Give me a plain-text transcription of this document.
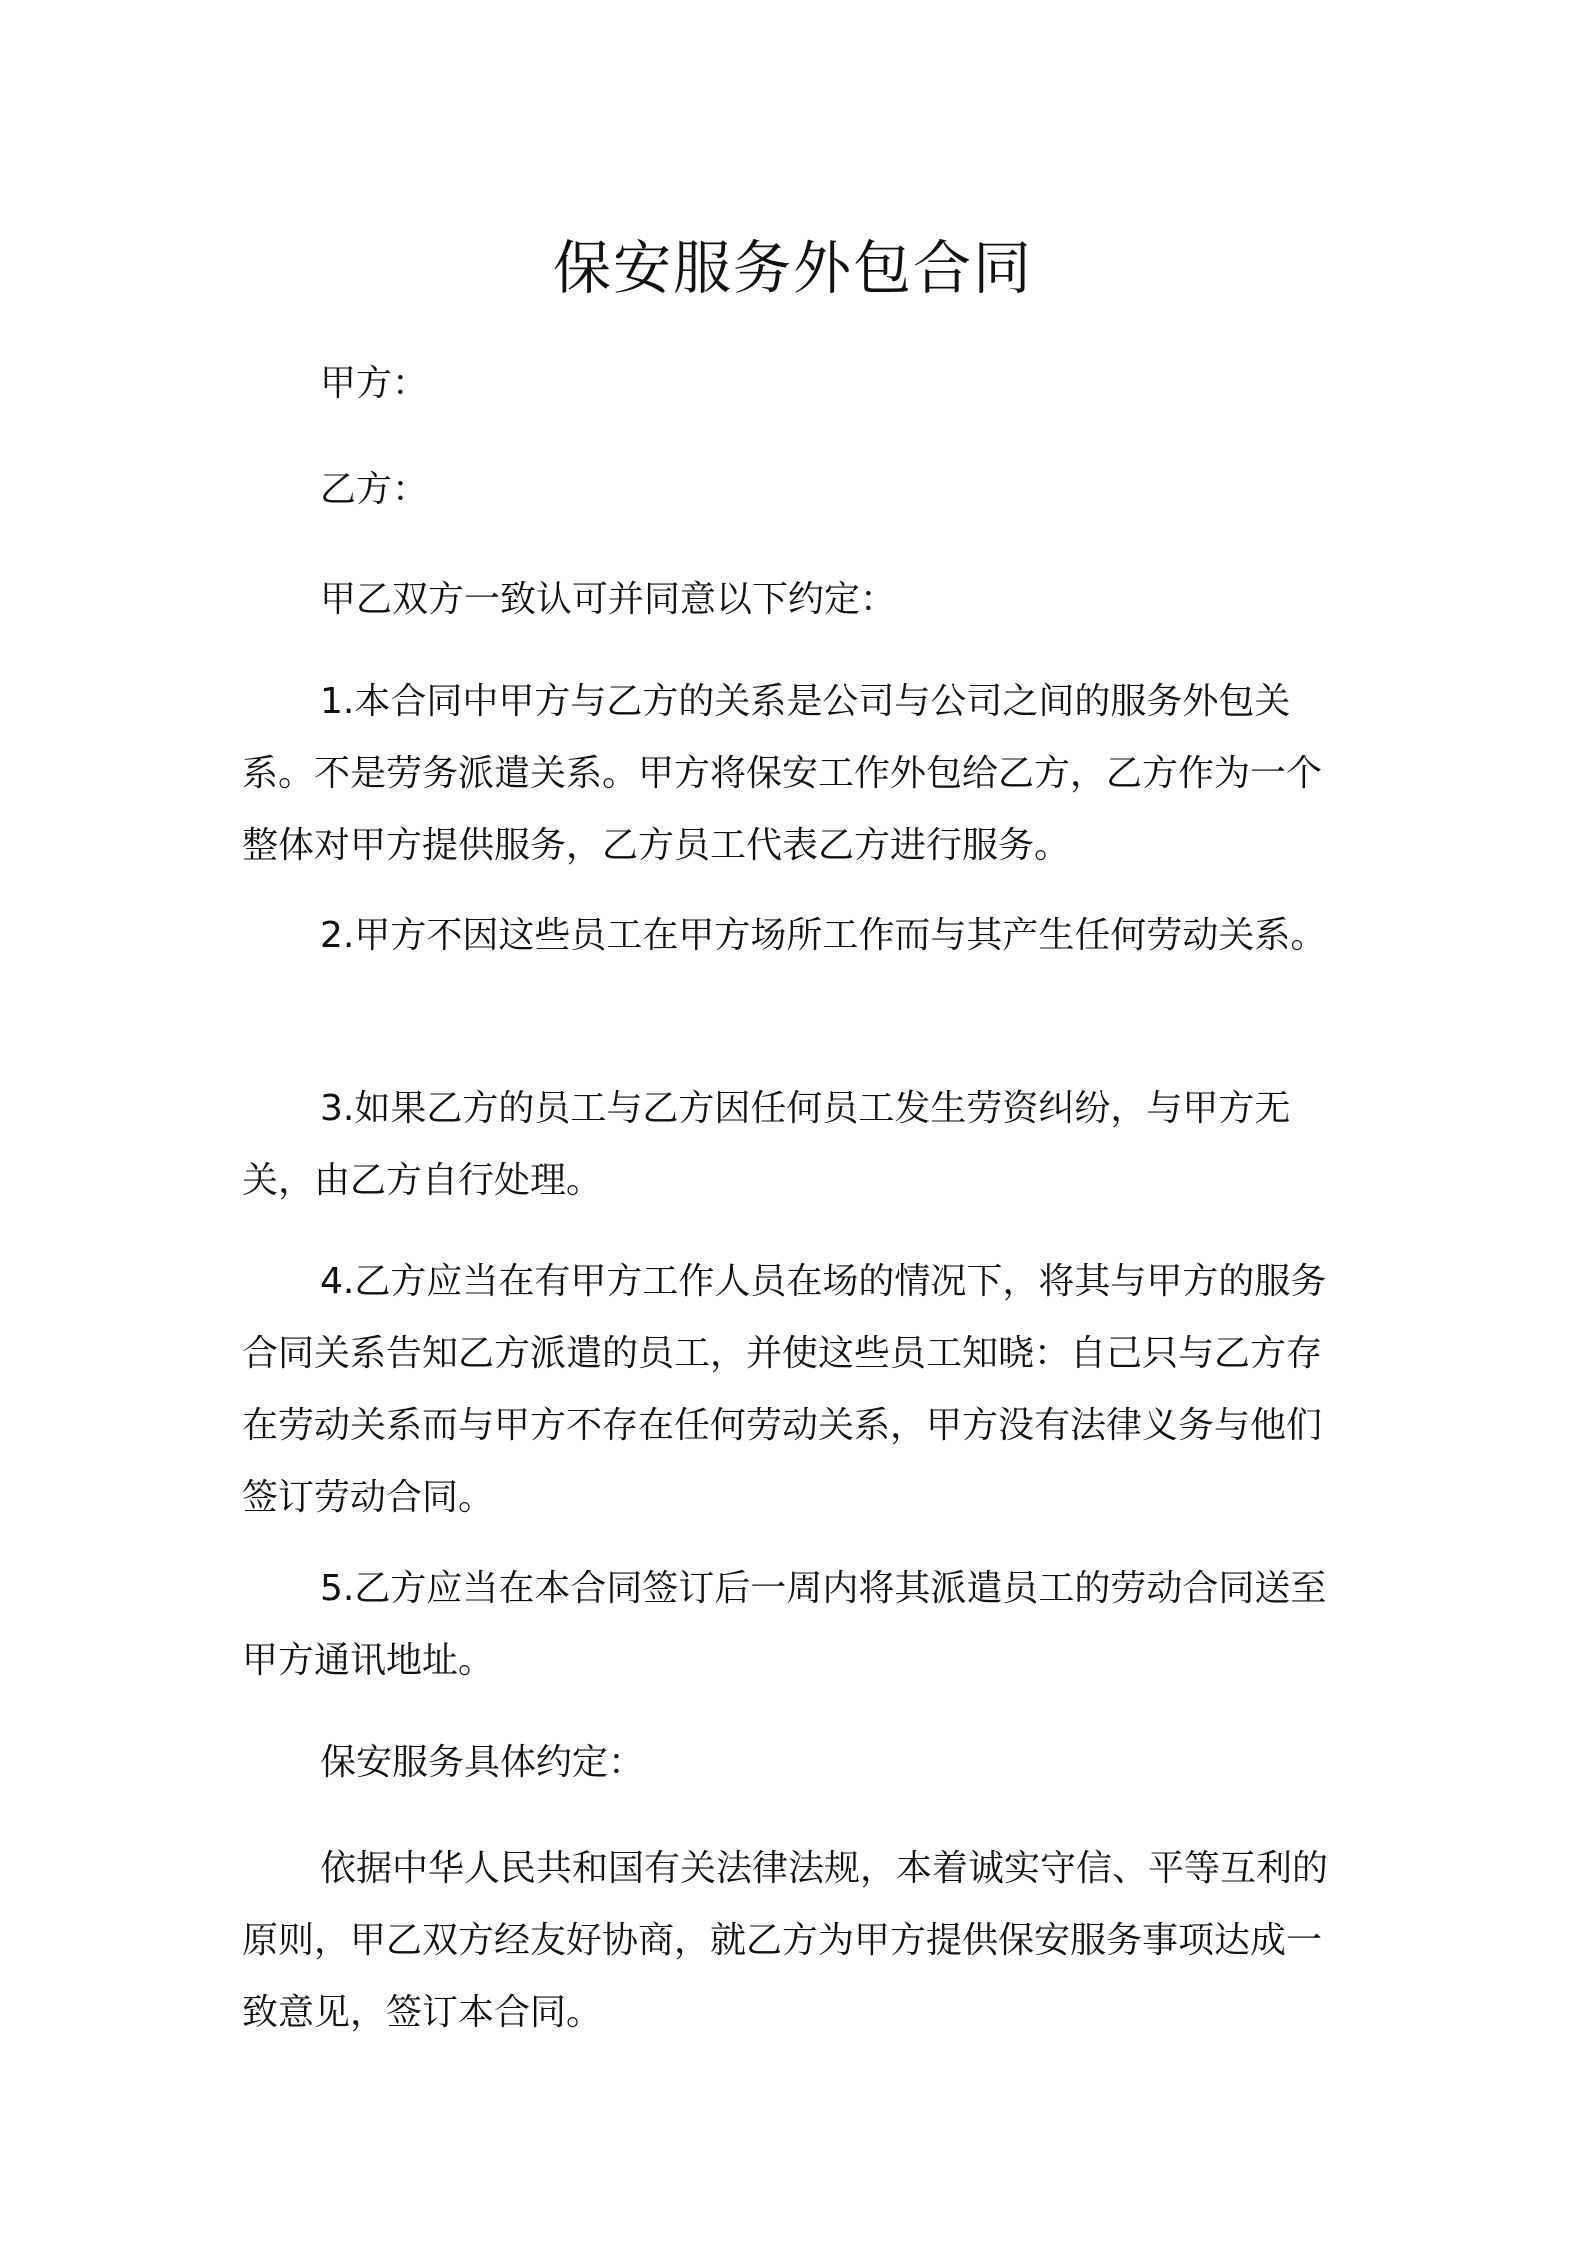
保安服务外包合同

甲方：

乙方：

甲乙双方一致认可并同意以下约定：

1.本合同中甲方与乙方的关系是公司与公司之间的服务外包关系。不是劳务派遣关系。甲方将保安工作外包给乙方，乙方作为一个整体对甲方提供服务，乙方员工代表乙方进行服务。

2.甲方不因这些员工在甲方场所工作而与其产生任何劳动关系。

3.如果乙方的员工与乙方因任何员工发生劳资纠纷，与甲方无关，由乙方自行处理。

4.乙方应当在有甲方工作人员在场的情况下，将其与甲方的服务合同关系告知乙方派遣的员工，并使这些员工知晓：自己只与乙方存在劳动关系而与甲方不存在任何劳动关系，甲方没有法律义务与他们签订劳动合同。

5.乙方应当在本合同签订后一周内将其派遣员工的劳动合同送至甲方通讯地址。

保安服务具体约定：

依据中华人民共和国有关法律法规，本着诚实守信、平等互利的原则，甲乙双方经友好协商，就乙方为甲方提供保安服务事项达成一致意见，签订本合同。
